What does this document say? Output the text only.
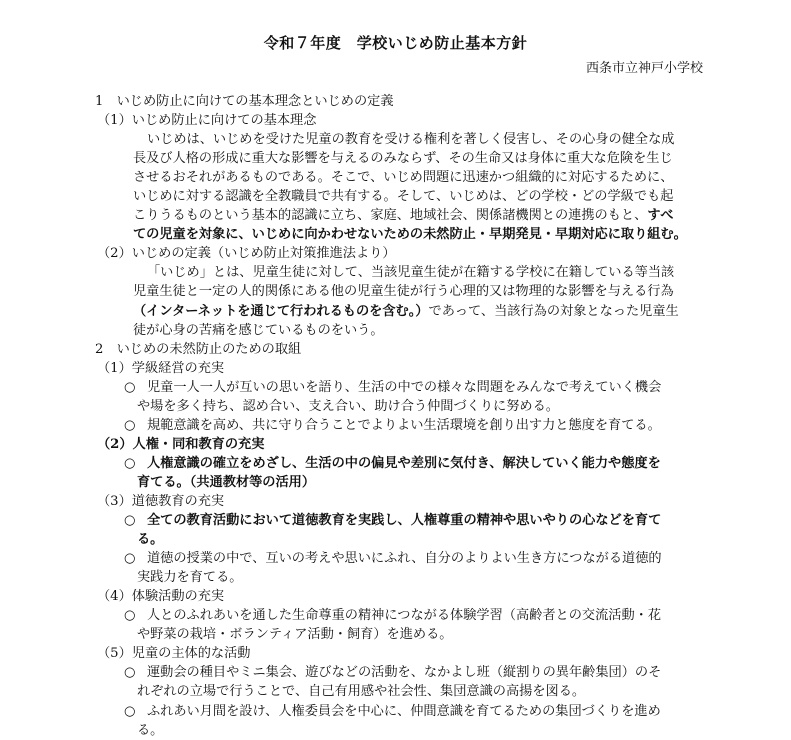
令和７年度　学校いじめ防止基本方針
西条市立神戸小学校
1　いじめ防止に向けての基本理念といじめの定義
（1）いじめ防止に向けての基本理念
いじめは、いじめを受けた児童の教育を受ける権利を著しく侵害し、その心身の健全な成
長及び人格の形成に重大な影響を与えるのみならず、その生命又は身体に重大な危険を生じ
させるおそれがあるものである。そこで、いじめ問題に迅速かつ組織的に対応するために、
いじめに対する認識を全教職員で共有する。そして、いじめは、どの学校・どの学級でも起
こりうるものという基本的認識に立ち、家庭、地域社会、関係諸機関との連携のもと、すべ
ての児童を対象に、いじめに向かわせないための未然防止・早期発見・早期対応に取り組む。
（2）いじめの定義（いじめ防止対策推進法より）
「いじめ」とは、児童生徒に対して、当該児童生徒が在籍する学校に在籍している等当該
児童生徒と一定の人的関係にある他の児童生徒が行う心理的又は物理的な影響を与える行為
（インターネットを通じて行われるものを含む。）であって、当該行為の対象となった児童生
徒が心身の苦痛を感じているものをいう。
2　いじめの未然防止のための取組
（1）学級経営の充実
○ 児童一人一人が互いの思いを語り、生活の中での様々な問題をみんなで考えていく機会
や場を多く持ち、認め合い、支え合い、助け合う仲間づくりに努める。
○ 規範意識を高め、共に守り合うことでよりよい生活環境を創り出す力と態度を育てる。
（2）人権・同和教育の充実
○ 人権意識の確立をめざし、生活の中の偏見や差別に気付き、解決していく能力や態度を
育てる。（共通教材等の活用）
（3）道徳教育の充実
○ 全ての教育活動において道徳教育を実践し、人権尊重の精神や思いやりの心などを育て
る。
○ 道徳の授業の中で、互いの考えや思いにふれ、自分のよりよい生き方につながる道徳的
実践力を育てる。
（4）体験活動の充実
○ 人とのふれあいを通した生命尊重の精神につながる体験学習（高齢者との交流活動・花
や野菜の栽培・ボランティア活動・飼育）を進める。
（5）児童の主体的な活動
○ 運動会の種目やミニ集会、遊びなどの活動を、なかよし班（縦割りの異年齢集団）のそ
れぞれの立場で行うことで、自己有用感や社会性、集団意識の高揚を図る。
○ ふれあい月間を設け、人権委員会を中心に、仲間意識を育てるための集団づくりを進め
る。
